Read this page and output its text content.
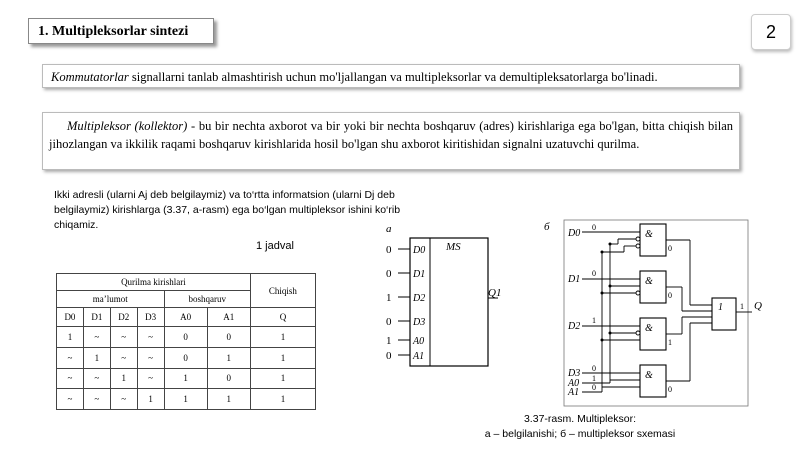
1. Multipleksorlar sintezi	2
Kommutatorlar signallarni tanlab almashtirish uchun mo'ljallangan va multipleksorlar va demultipleksatorlarga bo'linadi.
Multipleksor (kollektor) - bu bir nechta axborot va bir yoki bir nechta boshqaruv (adres) kirishlariga ega bo'lgan, bitta chiqish bilan jihozlangan va ikkilik raqami boshqaruv kirishlarida hosil bo'lgan shu axborot kiritishidan signalni uzatuvchi qurilma.
Ikki adresli (ularni Aj deb belgilaymiz) va to‘rtta informatsion (ularni Dj deb belgilaymiz) kirishlarga (3.37, a-rasm) ega bo‘lgan multipleksor ishini ko‘rib chiqamiz.
1 jadval
Qurilma kirishlari						Chiqish
ma’lumot				boshqaruv		
D0	D1	D2	D3	A0	A1	Q
1	~	~	~	0	0	1
~	1	~	~	0	1	1
~	~	1	~	1	0	1
~	~	~	1	1	1	1
a
MS
0
0
1
0
1
0
D0
D1
D2
D3
A0
A1
Q1
б
D0
D1
D2
D3
A0
A1
0
0
1
0
1
0
&
&
&
&
1
0
0
1
0
1 Q
3.37-rasm. Multipleksor:
a – belgilanishi; б – multipleksor sxemasi
